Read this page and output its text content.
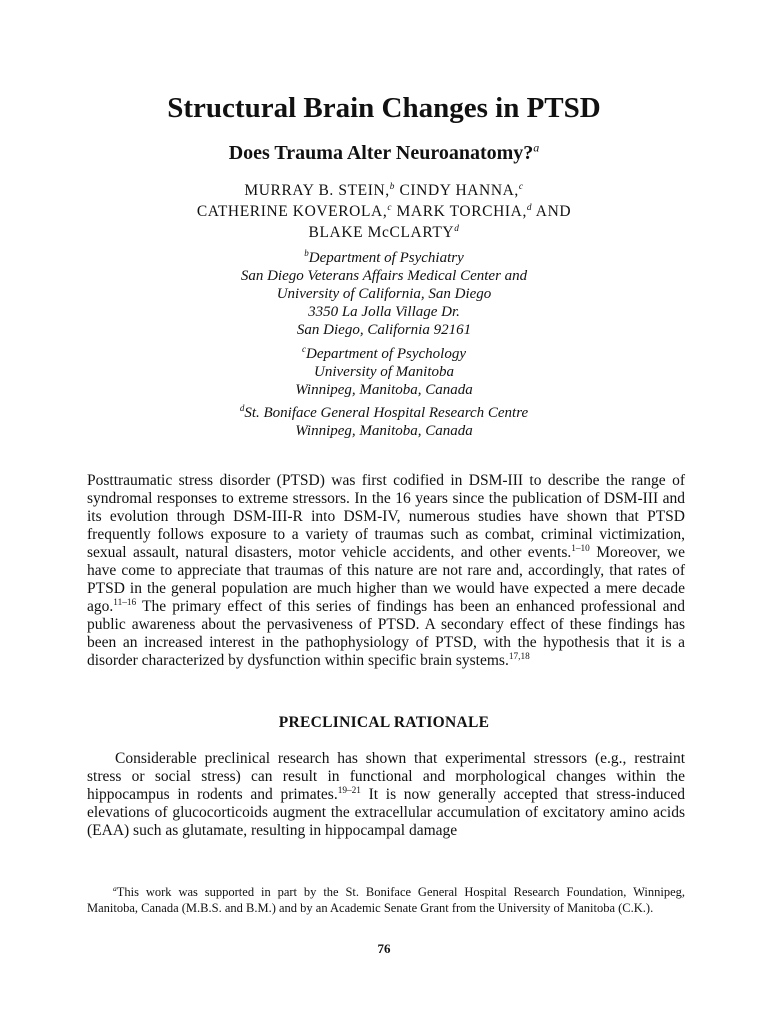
Structural Brain Changes in PTSD
Does Trauma Alter Neuroanatomy?$^a$
MURRAY B. STEIN,$^b$ CINDY HANNA,$^c$
CATHERINE KOVEROLA,$^c$ MARK TORCHIA,$^d$ AND
BLAKE McCLARTY$^d$
$^b$Department of Psychiatry
San Diego Veterans Affairs Medical Center and
University of California, San Diego
3350 La Jolla Village Dr.
San Diego, California 92161
$^c$Department of Psychology
University of Manitoba
Winnipeg, Manitoba, Canada
$^d$St. Boniface General Hospital Research Centre
Winnipeg, Manitoba, Canada

Posttraumatic stress disorder (PTSD) was first codified in DSM-III to describe the range of syndromal responses to extreme stressors. In the 16 years since the publication of DSM-III and its evolution through DSM-III-R into DSM-IV, numerous studies have shown that PTSD frequently follows exposure to a variety of traumas such as combat, criminal victimization, sexual assault, natural disasters, motor vehicle accidents, and other events.$^{1-10}$ Moreover, we have come to appreciate that traumas of this nature are not rare and, accordingly, that rates of PTSD in the general population are much higher than we would have expected a mere decade ago.$^{11-16}$ The primary effect of this series of findings has been an enhanced professional and public awareness about the pervasiveness of PTSD. A secondary effect of these findings has been an increased interest in the pathophysiology of PTSD, with the hypothesis that it is a disorder characterized by dysfunction within specific brain systems.$^{17,18}$

PRECLINICAL RATIONALE

Considerable preclinical research has shown that experimental stressors (e.g., restraint stress or social stress) can result in functional and morphological changes within the hippocampus in rodents and primates.$^{19-21}$ It is now generally accepted that stress-induced elevations of glucocorticoids augment the extracellular accumulation of excitatory amino acids (EAA) such as glutamate, resulting in hippocampal damage

$^a$This work was supported in part by the St. Boniface General Hospital Research Foundation, Winnipeg, Manitoba, Canada (M.B.S. and B.M.) and by an Academic Senate Grant from the University of Manitoba (C.K.).
76
